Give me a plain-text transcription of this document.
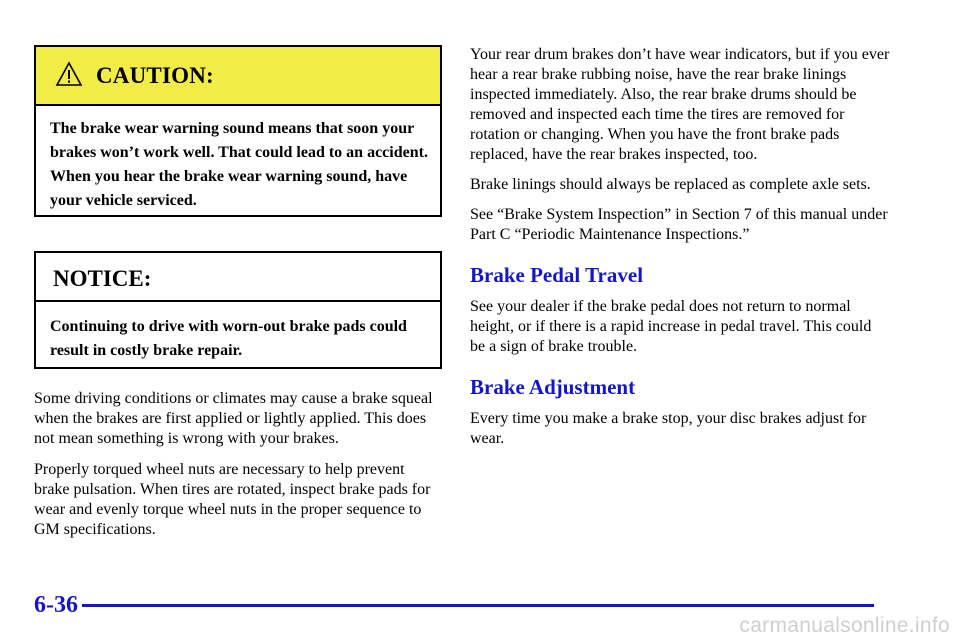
CAUTION:
The brake wear warning sound means that soon your brakes won’t work well. That could lead to an accident. When you hear the brake wear warning sound, have your vehicle serviced.
NOTICE:
Continuing to drive with worn-out brake pads could result in costly brake repair.

Some driving conditions or climates may cause a brake squeal when the brakes are first applied or lightly applied. This does not mean something is wrong with your brakes.

Properly torqued wheel nuts are necessary to help prevent brake pulsation. When tires are rotated, inspect brake pads for wear and evenly torque wheel nuts in the proper sequence to GM specifications.

Your rear drum brakes don’t have wear indicators, but if you ever hear a rear brake rubbing noise, have the rear brake linings inspected immediately. Also, the rear brake drums should be removed and inspected each time the tires are removed for rotation or changing. When you have the front brake pads replaced, have the rear brakes inspected, too.

Brake linings should always be replaced as complete axle sets.

See “Brake System Inspection” in Section 7 of this manual under Part C “Periodic Maintenance Inspections.”

Brake Pedal Travel

See your dealer if the brake pedal does not return to normal height, or if there is a rapid increase in pedal travel. This could be a sign of brake trouble.

Brake Adjustment

Every time you make a brake stop, your disc brakes adjust for wear.

6-36
carmanualsonline.info
